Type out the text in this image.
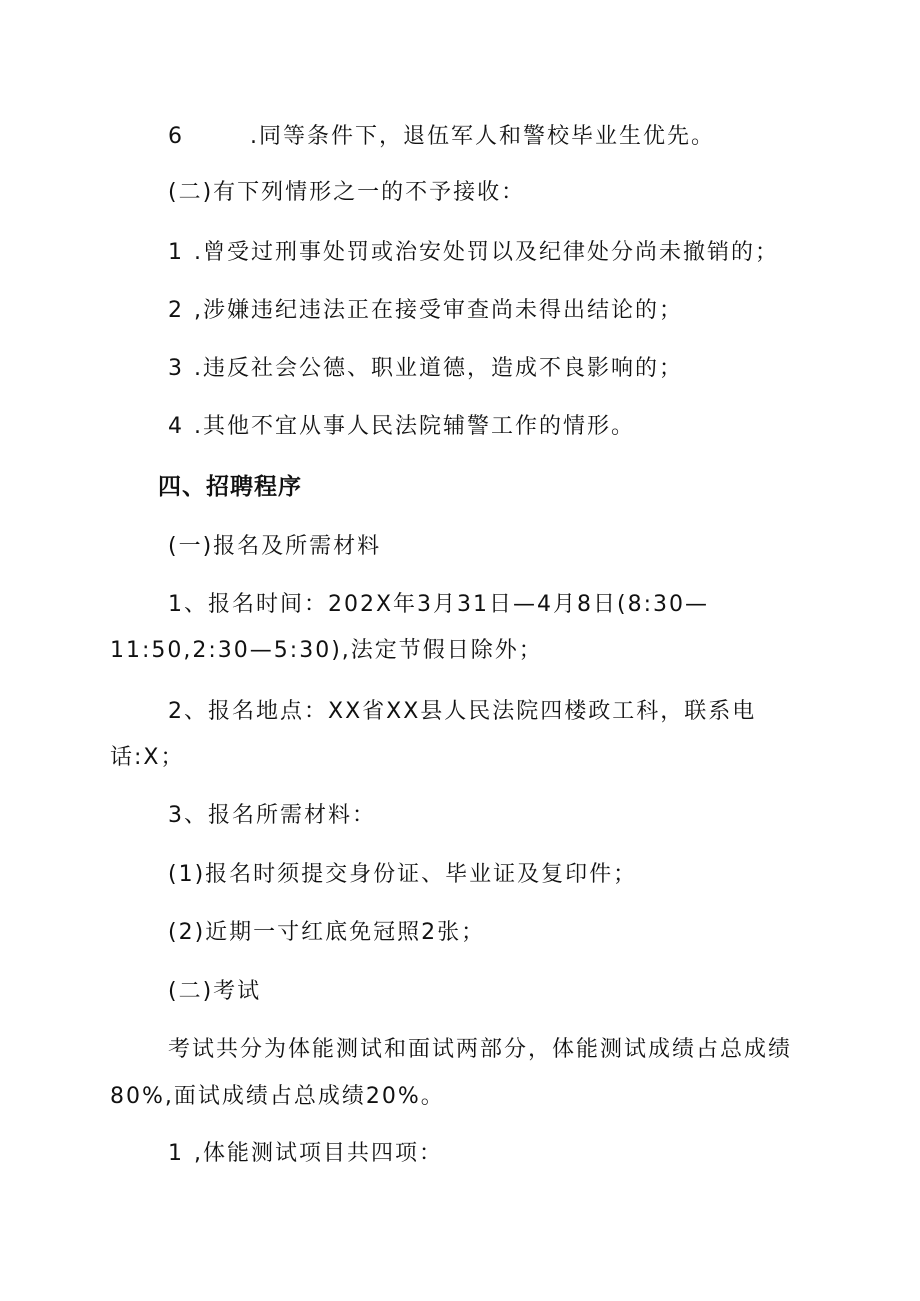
6	.同等条件下，退伍军人和警校毕业生优先。
(二)有下列情形之一的不予接收：
1 .曾受过刑事处罚或治安处罚以及纪律处分尚未撤销的；
2 ,涉嫌违纪违法正在接受审查尚未得出结论的；
3 .违反社会公德、职业道德，造成不良影响的；
4 .其他不宜从事人民法院辅警工作的情形。
四、招聘程序
(一)报名及所需材料
1、报名时间：202X年3月31日—4月8日(8:30—
11:50,2:30—5:30),法定节假日除外；
2、报名地点：XX省XX县人民法院四楼政工科，联系电
话:X；
3、报名所需材料：
(1)报名时须提交身份证、毕业证及复印件；
(2)近期一寸红底免冠照2张；
(二)考试
考试共分为体能测试和面试两部分，体能测试成绩占总成绩
80%,面试成绩占总成绩20%。
1 ,体能测试项目共四项：
